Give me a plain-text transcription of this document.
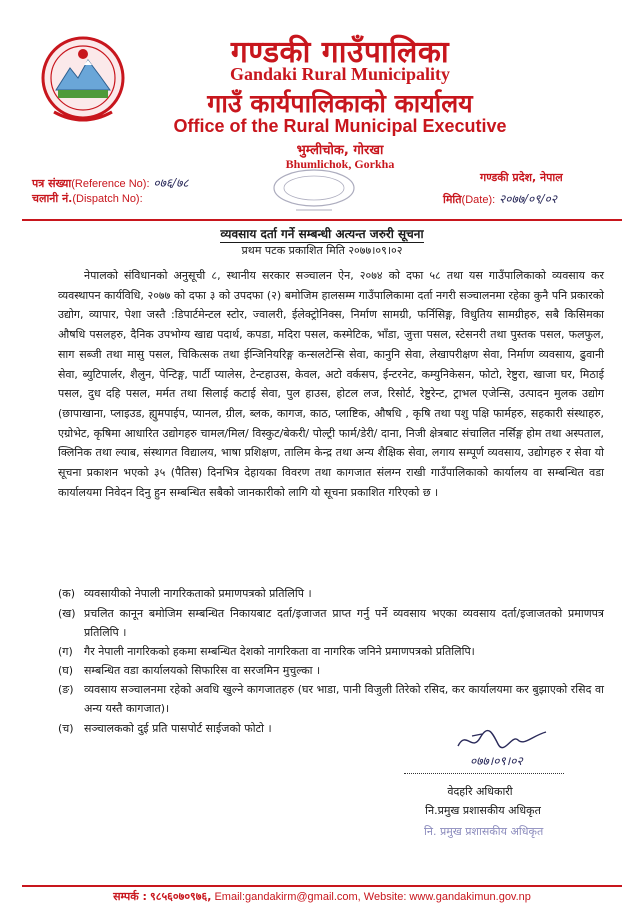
गण्डकी गाउँपालिका
Gandaki Rural Municipality
गाउँ कार्यपालिकाको कार्यालय
Office of the Rural Municipal Executive
भुम्लीचोक, गोरखा
Bhumlichok, Gorkha
पत्र संख्या(Reference No): ०७६/७८
चलानी नं.(Dispatch No):
गण्डकी प्रदेश, नेपाल
मिति(Date): २०७७/०९/०२
व्यवसाय दर्ता गर्ने सम्बन्धी अत्यन्त जरुरी सूचना
प्रथम पटक प्रकाशित मिति २०७७।०९।०२

नेपालको संविधानको अनुसूची ८, स्थानीय सरकार सञ्चालन ऐन, २०७४ को दफा ५८ तथा यस गाउँपालिकाको व्यवसाय कर व्यवस्थापन कार्यविधि, २०७७ को दफा ३ को उपदफा (२) बमोजिम हालसम्म गाउँपालिकामा दर्ता नगरी सञ्चालनमा रहेका कुनै पनि प्रकारको उद्योग, व्यापार, पेशा जस्तै :डिपार्टमेन्टल स्टोर, ज्वालरी, ईलेक्ट्रोनिक्स, निर्माण सामग्री, फर्निसिङ्ग, विधुतिय सामग्रीहरु, सबै किसिमका औषधि पसलहरु, दैनिक उपभोग्य खाद्य पदार्थ, कपडा, मदिरा पसल, कस्मेटिक, भाँडा, जुत्ता पसल, स्टेसनरी तथा पुस्तक पसल, फलफुल, साग सब्जी तथा मासु पसल, चिकित्सक तथा ईन्जिनियरिङ्ग कन्सलटेन्सि सेवा, कानुनि सेवा, लेखापरीक्षण सेवा, निर्माण व्यवसाय, ढुवानी सेवा, ब्युटिपार्लर, शैलुन, पेन्टिङ्ग, पार्टी प्यालेस, टेन्टहाउस, केवल, अटो वर्कसप, ईन्टरनेट, कम्युनिकेसन, फोटो, रेष्टुरा, खाजा घर, मिठाई पसल, दुध दहि पसल, मर्मत तथा सिलाई कटाई सेवा, पुल हाउस, होटल लज, रिसोर्ट, रेष्टुरेन्ट, ट्राभल एजेन्सि, उत्पादन मुलक उद्योग (छापाखाना, प्लाइउड, ह्युमपाईप, प्यानल, ग्रील, ब्लक, कागज, काठ, प्लाष्टिक, औषधि , कृषि तथा पशु पक्षि फार्महरु, सहकारी संस्थाहरु, एग्रोभेट, कृषिमा आधारित उद्योगहरु चामल/मिल/ विस्कुट/बेकरी/ पोल्ट्री फार्म/डेरी/ दाना, निजी क्षेत्रबाट संचालित नर्सिङ्ग होम तथा अस्पताल, क्लिनिक तथा ल्याब, संस्थागत विद्यालय, भाषा प्रशिक्षण, तालिम केन्द्र तथा अन्य शैक्षिक सेवा, लगाय सम्पूर्ण व्यवसाय, उद्योगहरु र सेवा यो सूचना प्रकाशन भएको ३५ (पैतिस) दिनभित्र देहायका विवरण तथा कागजात संलग्न राखी गाउँपालिकाको कार्यालय वा सम्बन्धित वडा कार्यालयमा निवेदन दिनु हुन सम्बन्धित सबैको जानकारीको लागि यो सूचना प्रकाशित गरिएको छ ।

(क) व्यवसायीको नेपाली नागरिकताको प्रमाणपत्रको प्रतिलिपि ।
(ख) प्रचलित कानून बमोजिम सम्बन्धित निकायबाट दर्ता/इजाजत प्राप्त गर्नु पर्ने व्यवसाय भएका व्यवसाय दर्ता/इजाजतको प्रमाणपत्र प्रतिलिपि ।
(ग)	गैर नेपाली नागरिकको हकमा सम्बन्धित देशको नागरिकता वा नागरिक जनिने प्रमाणपत्रको प्रतिलिपि।
(घ) सम्बन्धित वडा कार्यालयको सिफारिस वा सरजमिन मुचुल्का ।
(ङ) व्यवसाय सञ्चालनमा रहेको अवधि खुल्ने कागजातहरु (घर भाडा, पानी विजुली तिरेको रसिद, कर कार्यालयमा कर बुझाएको रसिद वा अन्य यस्तै कागजात)।
(च) सञ्चालकको दुई प्रति पासपोर्ट साईजको फोटो ।
०७७।०९।०२
वेदहरि अधिकारी
नि.प्रमुख प्रशासकीय अधिकृत
नि. प्रमुख प्रशासकीय अधिकृत
सम्पर्क : ९८५६०७०९७६, Email:gandakirm@gmail.com, Website: www.gandakimun.gov.np
